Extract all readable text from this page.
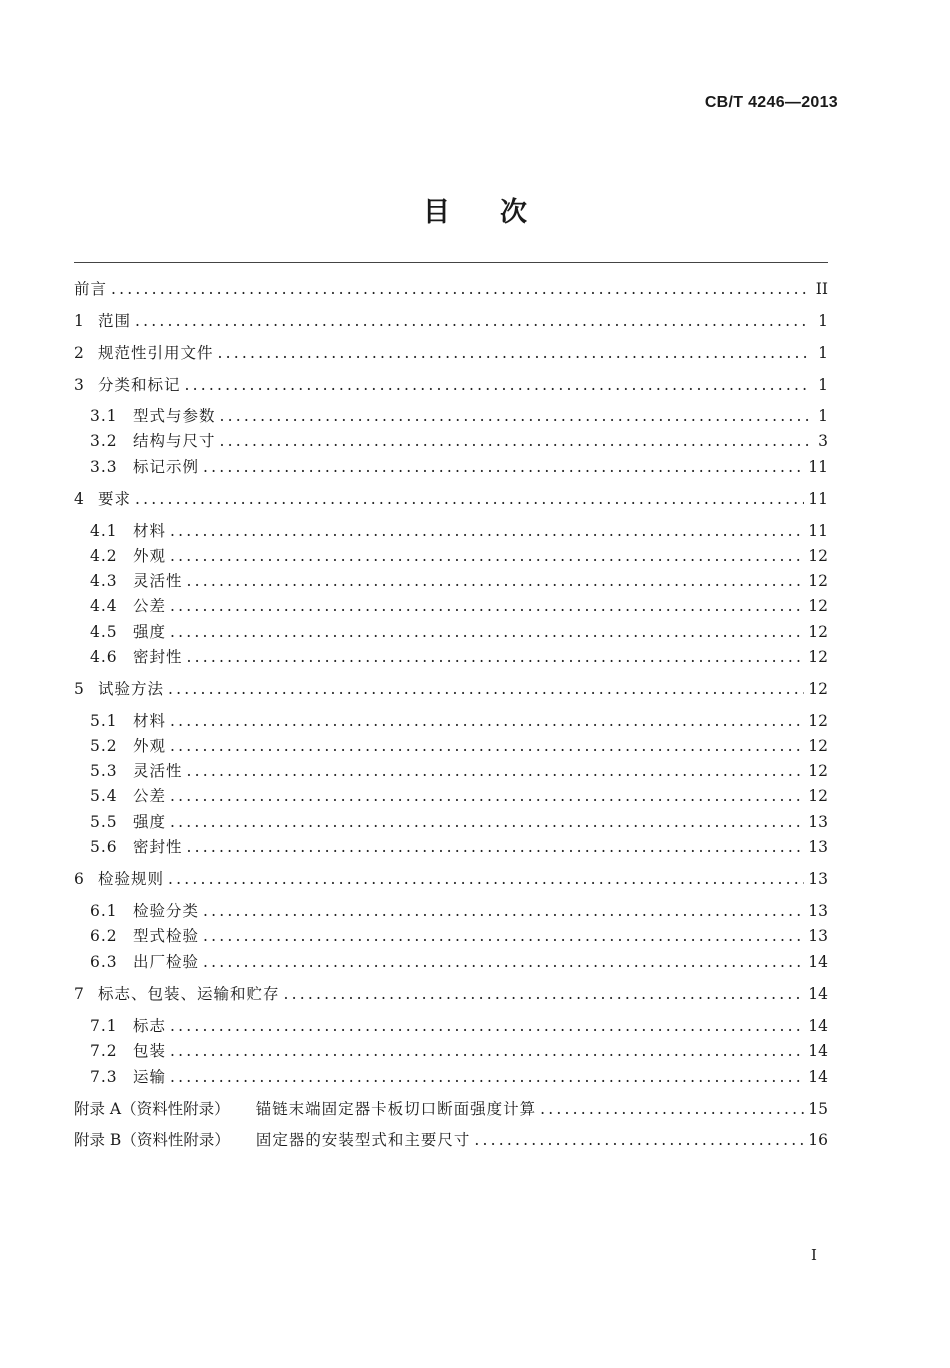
CB/T 4246—2013
目次
前言 .....	II
1 范围 .....	1
2 规范性引用文件 .....	1
3 分类和标记 .....	1
3.1 型式与参数 .....	1
3.2 结构与尺寸 .....	3
3.3 标记示例 .....	11
4 要求 .....	11
4.1 材料 .....	11
4.2 外观 .....	12
4.3 灵活性 .....	12
4.4 公差 .....	12
4.5 强度 .....	12
4.6 密封性 .....	12
5 试验方法 .....	12
5.1 材料 .....	12
5.2 外观 .....	12
5.3 灵活性 .....	12
5.4 公差 .....	12
5.5 强度 .....	13
5.6 密封性 .....	13
6 检验规则 .....	13
6.1 检验分类 .....	13
6.2 型式检验 .....	13
6.3 出厂检验 .....	14
7 标志、包装、运输和贮存 .....	14
7.1 标志 .....	14
7.2 包装 .....	14
7.3 运输 .....	14
附录 A（资料性附录） 锚链末端固定器卡板切口断面强度计算 .....	15
附录 B（资料性附录） 固定器的安装型式和主要尺寸 .....	16
I
